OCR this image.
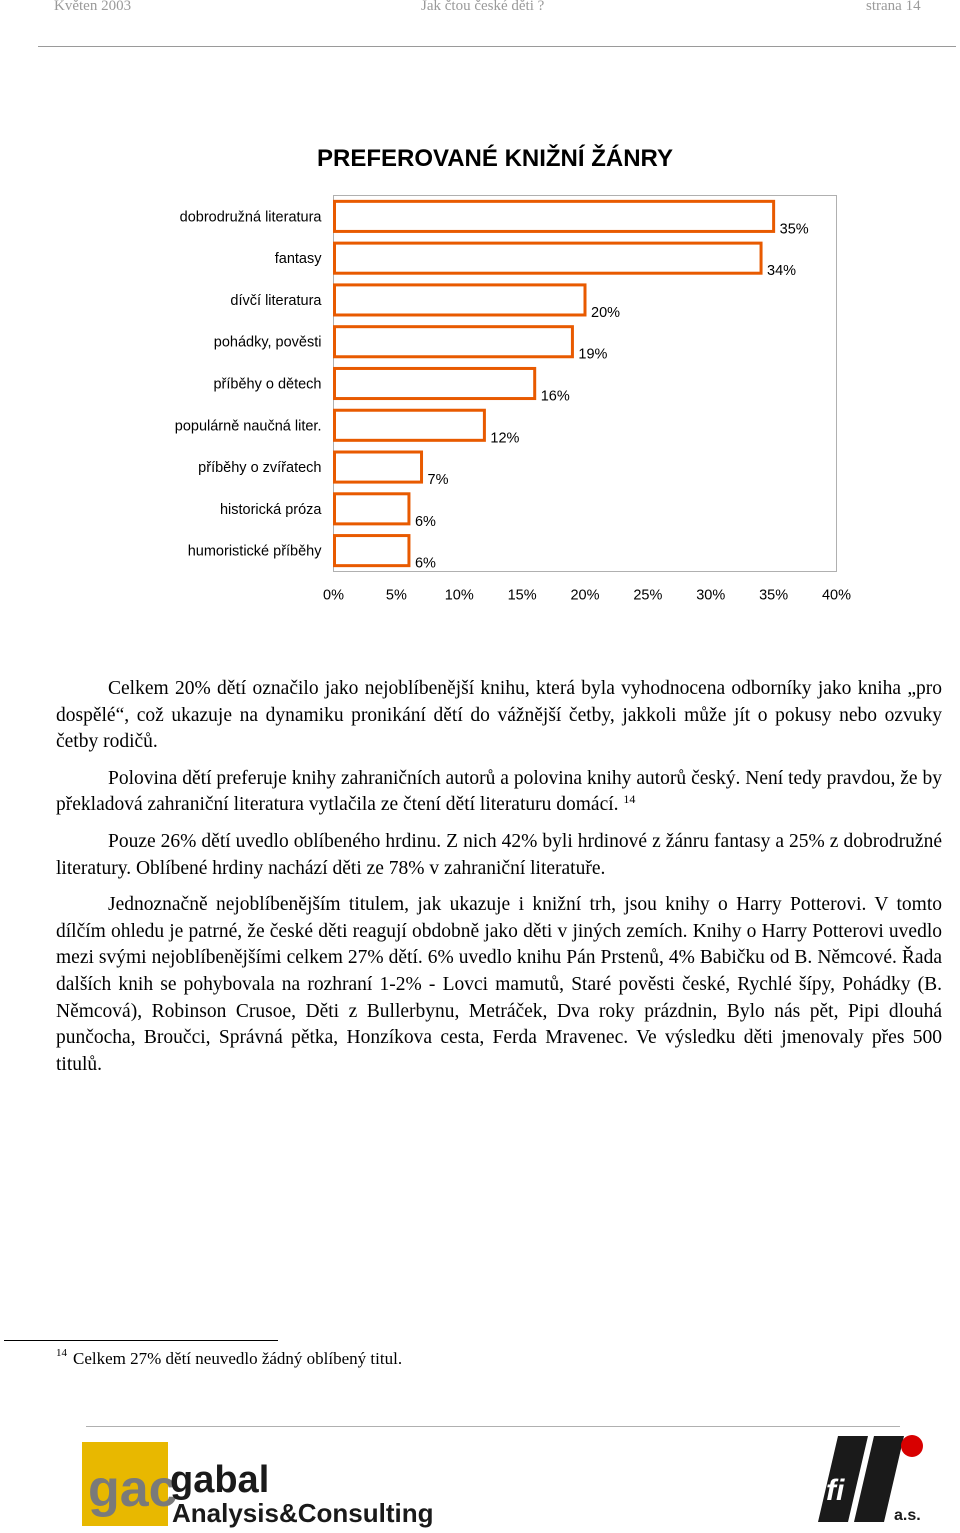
Květen 2003	Jak čtou české děti ?	strana 14
PREFEROVANÉ KNIŽNÍ ŽÁNRY
dobrodružná literatura
fantasy
dívčí literatura
pohádky, pověsti
příběhy o dětech
populárně naučná liter.
příběhy o zvířatech
historická próza
humoristické příběhy
35%
34%
20%
19%
16%
12%
7%
6%
6%
0%	5%	10% 15% 20% 25% 30% 35% 40%

Celkem 20% dětí označilo jako nejoblíbenější knihu, která byla vyhodnocena odborníky jako kniha „pro dospělé“, což ukazuje na dynamiku pronikání dětí do vážnější četby, jakkoli může jít o pokusy nebo ozvuky četby rodičů.

Polovina dětí preferuje knihy zahraničních autorů a polovina knihy autorů český. Není tedy pravdou, že by překladová zahraniční literatura vytlačila ze čtení dětí literaturu domácí. $^{14}$

Pouze 26% dětí uvedlo oblíbeného hrdinu. Z nich 42% byli hrdinové z žánru fantasy a 25% z dobrodružné literatury. Oblíbené hrdiny nachází děti ze 78% v zahraniční literatuře.

Jednoznačně nejoblíbenějším titulem, jak ukazuje i knižní trh, jsou knihy o Harry Potterovi. V tomto dílčím ohledu je patrné, že české děti reagují obdobně jako děti v jiných zemích. Knihy o Harry Potterovi uvedlo mezi svými nejoblíbenějšími celkem 27% dětí. 6% uvedlo knihu Pán Prstenů, 4% Babičku od B. Němcové. Řada dalších knih se pohybovala na rozhraní 1-2% - Lovci mamutů, Staré pověsti české, Rychlé šípy, Pohádky (B. Němcová), Robinson Crusoe, Děti z Bullerbynu, Metráček, Dva roky prázdnin, Bylo nás pět, Pipi dlouhá punčocha, Broučci, Správná pětka, Honzíkova cesta, Ferda Mravenec. Ve výsledku děti jmenovaly přes 500 titulů.

$^{14}$ Celkem 27% dětí neuvedlo žádný oblíbený titul.
gac
gabal
Analysis&Consulting
fi
a.s.
